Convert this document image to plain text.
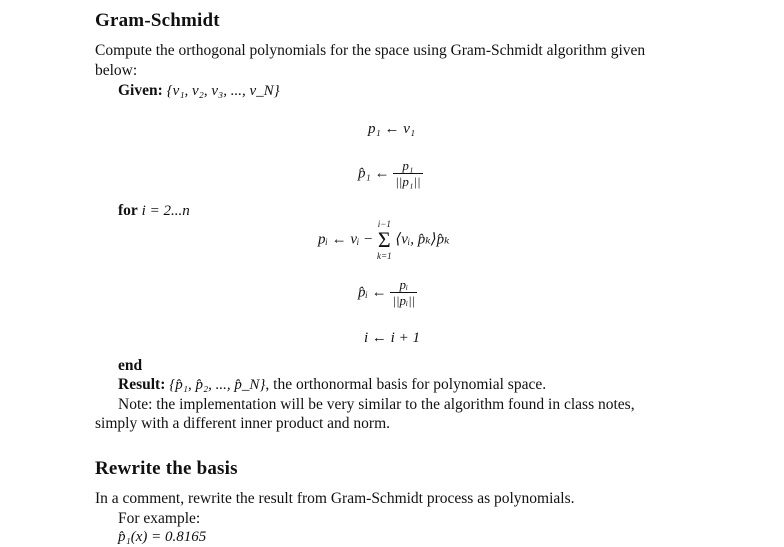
Gram-Schmidt
Compute the orthogonal polynomials for the space using Gram-Schmidt algorithm given
below:
Given: {v₁, v₂, v₃, ..., v_N}
p₁ ← v₁
p̂₁ ← $\frac{\text{p₁}}{\text{||p₁||}}$
for i = 2...n
pᵢ ← vᵢ −
i−1
Σ
k=1
⟨vᵢ, p̂ₖ⟩p̂ₖ
p̂ᵢ ← $\frac{\text{pᵢ}}{\text{||pᵢ||}}$
i ← i + 1
end
Result: {p̂₁, p̂₂, ..., p̂_N}, the orthonormal basis for polynomial space.
Note: the implementation will be very similar to the algorithm found in class notes,
simply with a different inner product and norm.
Rewrite the basis
In a comment, rewrite the result from Gram-Schmidt process as polynomials.
For example:
p̂₁(x) = 0.8165
